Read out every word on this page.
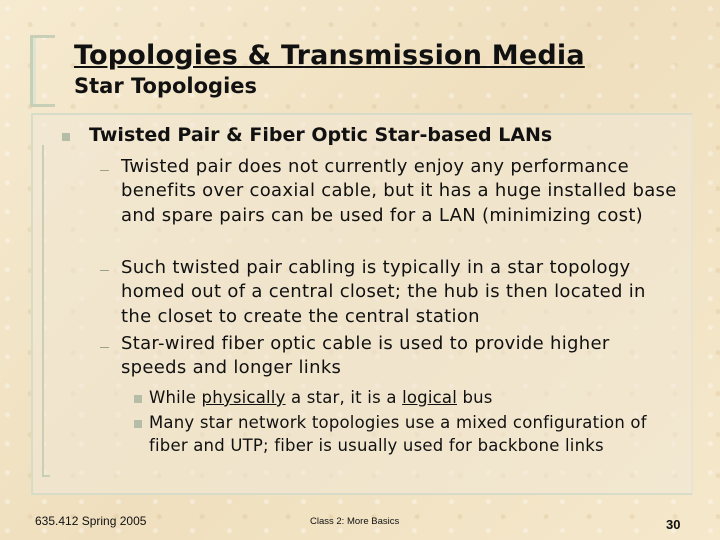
Topologies & Transmission Media
Star Topologies
Twisted Pair & Fiber Optic Star-based LANs
Twisted pair does not currently enjoy any performance benefits over coaxial cable, but it has a huge installed base and spare pairs can be used for a LAN (minimizing cost)
Such twisted pair cabling is typically in a star topology homed out of a central closet; the hub is then located in the closet to create the central station
Star-wired fiber optic cable is used to provide higher speeds and longer links
While physically a star, it is a logical bus
Many star network topologies use a mixed configuration of fiber and UTP; fiber is usually used for backbone links
635.412 Spring 2005	Class 2: More Basics	30
